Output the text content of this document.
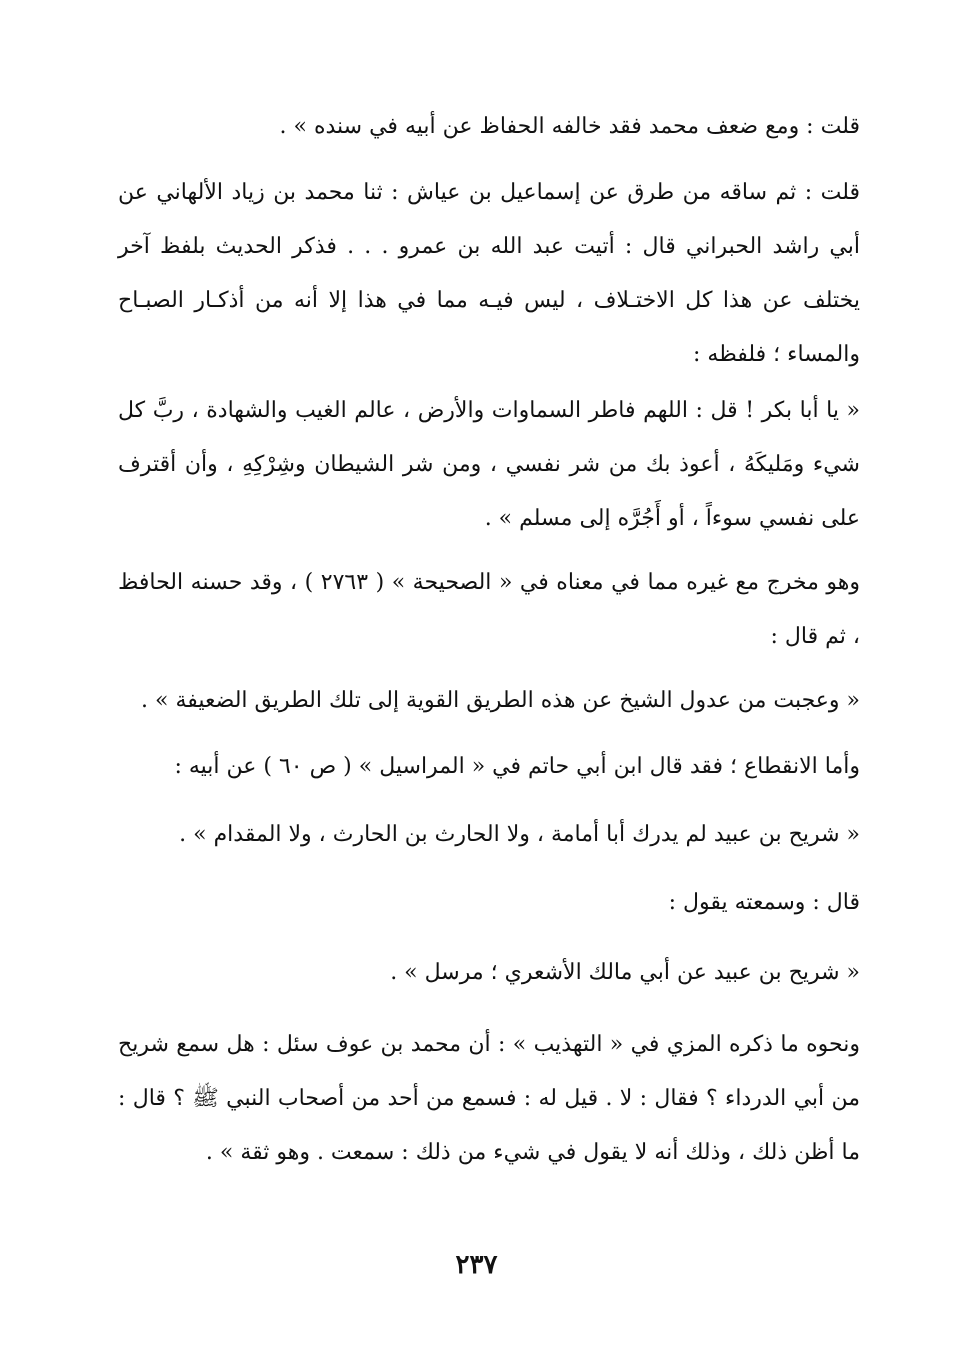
قلت : ومع ضعف محمد فقد خالفه الحفاظ عن أبيه في سنده » .

قلت : ثم ساقه من طرق عن إسماعيل بن عياش : ثنا محمد بن زياد الألهاني عن أبي راشد الحبراني قال : أتيت عبد الله بن عمرو . . . فذكر الحديث بلفظ آخر يختلف عن هذا كل الاختـلاف ، ليس فيـه مما في هذا إلا أنه من أذكـار الصبـاح والمساء ؛ فلفظه :

« يا أبا بكر ! قل : اللهم فاطر السماوات والأرض ، عالم الغيب والشهادة ، ربَّ كل شيء ومَليكَهُ ، أعوذ بك من شر نفسي ، ومن شر الشيطان وشِرْكِهِ ، وأن أقترف على نفسي سوءاً ، أو أَجُرَّه إلى مسلم » .

وهو مخرج مع غيره مما في معناه في « الصحيحة » ( ٢٧٦٣ ) ، وقد حسنه الحافظ ، ثم قال :

« وعجبت من عدول الشيخ عن هذه الطريق القوية إلى تلك الطريق الضعيفة » .

وأما الانقطاع ؛ فقد قال ابن أبي حاتم في « المراسيل » ( ص ٦٠ ) عن أبيه :

« شريح بن عبيد لم يدرك أبا أمامة ، ولا الحارث بن الحارث ، ولا المقدام » .

قال : وسمعته يقول :

« شريح بن عبيد عن أبي مالك الأشعري ؛ مرسل » .

ونحوه ما ذكره المزي في « التهذيب » : أن محمد بن عوف سئل : هل سمع شريح من أبي الدرداء ؟ فقال : لا . قيل له : فسمع من أحد من أصحاب النبي ﷺ ؟ قال : ما أظن ذلك ، وذلك أنه لا يقول في شيء من ذلك : سمعت . وهو ثقة » .

٢٣٧
